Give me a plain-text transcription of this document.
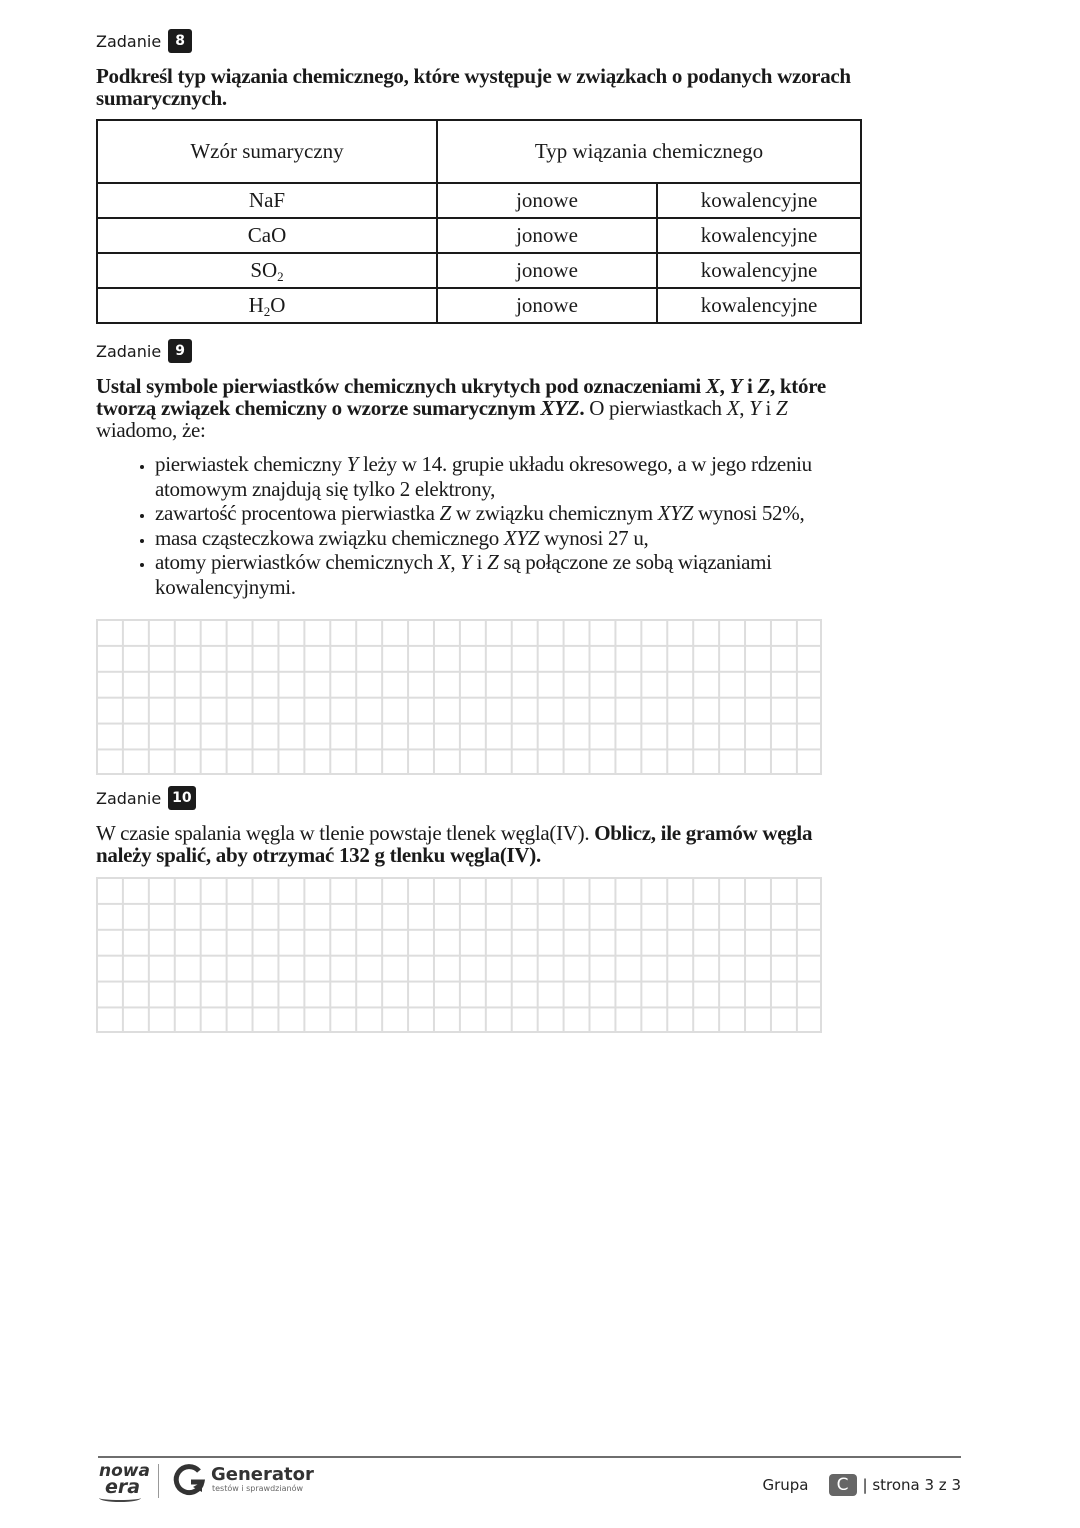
Zadanie	8
Podkreśl typ wiązania chemicznego, które występuje w związkach o podanych wzorach sumarycznych.
Wzór sumaryczny	Typ wiązania chemicznego	
NaF	jonowe	kowalencyjne
CaO	jonowe	kowalencyjne
$SO_2$	jonowe	kowalencyjne
$H_2O$	jonowe	kowalencyjne
Zadanie	9
Ustal symbole pierwiastków chemicznych ukrytych pod oznaczeniami X, Y i Z, które tworzą związek chemiczny o wzorze sumarycznym XYZ. O pierwiastkach X, Y i Z wiadomo, że:
• pierwiastek chemiczny Y leży w 14. grupie układu okresowego, a w jego rdzeniu atomowym znajdują się tylko 2 elektrony,
• zawartość procentowa pierwiastka Z w związku chemicznym XYZ wynosi 52%,
• masa cząsteczkowa związku chemicznego XYZ wynosi 27 u,
• atomy pierwiastków chemicznych X, Y i Z są połączone ze sobą wiązaniami kowalencyjnymi.
Zadanie 10
W czasie spalania węgla w tlenie powstaje tlenek węgla(IV). Oblicz, ile gramów węgla należy spalić, aby otrzymać 132 g tlenku węgla(IV).
nowa
era
Generator
testów i sprawdzianów	Grupa	C | strona 3 z 3
